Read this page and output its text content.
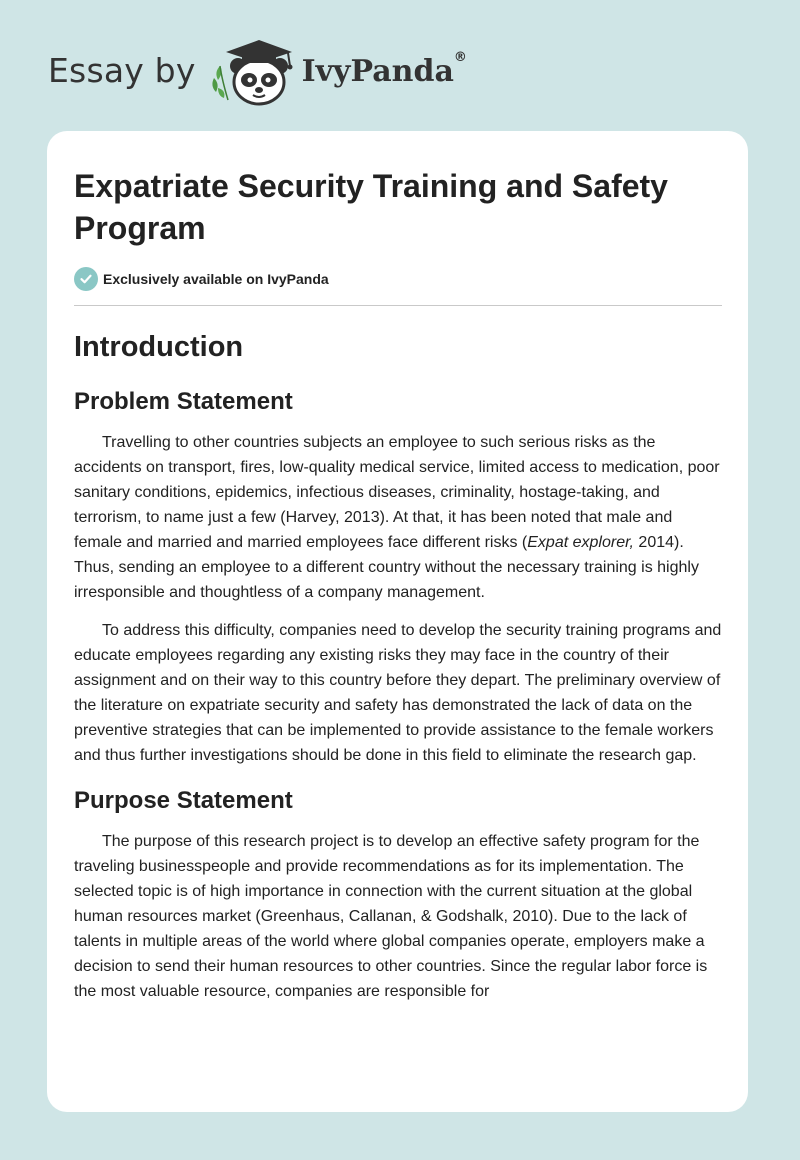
Essay by	IvyPanda®
Expatriate Security Training and Safety Program
Exclusively available on IvyPanda
Introduction
Problem Statement

Travelling to other countries subjects an employee to such serious risks as the accidents on transport, fires, low-quality medical service, limited access to medication, poor sanitary conditions, epidemics, infectious diseases, criminality, hostage-taking, and terrorism, to name just a few (Harvey, 2013). At that, it has been noted that male and female and married and married employees face different risks (Expat explorer, 2014). Thus, sending an employee to a different country without the necessary training is highly irresponsible and thoughtless of a company management.

To address this difficulty, companies need to develop the security training programs and educate employees regarding any existing risks they may face in the country of their assignment and on their way to this country before they depart. The preliminary overview of the literature on expatriate security and safety has demonstrated the lack of data on the preventive strategies that can be implemented to provide assistance to the female workers and thus further investigations should be done in this field to eliminate the research gap.

Purpose Statement

The purpose of this research project is to develop an effective safety program for the traveling businesspeople and provide recommendations as for its implementation. The selected topic is of high importance in connection with the current situation at the global human resources market (Greenhaus, Callanan, & Godshalk, 2010). Due to the lack of talents in multiple areas of the world where global companies operate, employers make a decision to send their human resources to other countries. Since the regular labor force is the most valuable resource, companies are responsible for
